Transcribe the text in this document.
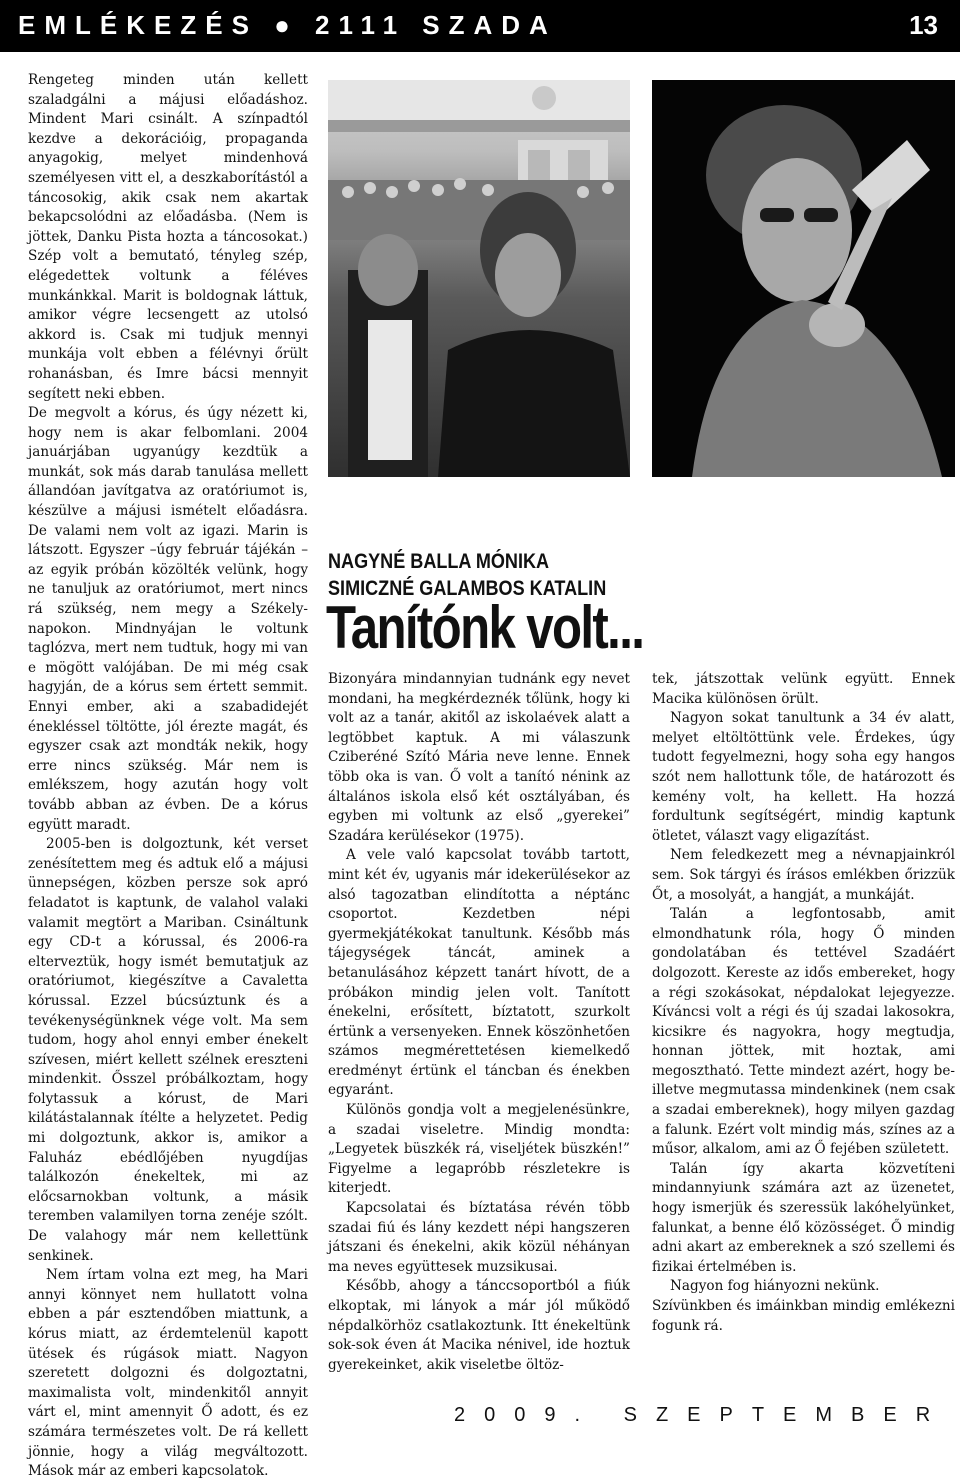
EMLÉKEZÉS ● 2111 SZADA	13

Rengeteg minden után kellett szaladgálni a májusi előadáshoz. Mindent Mari csinált. A színpadtól kezdve a dekorációig, propaganda anyagokig, melyet mindenhová személyesen vitt el, a deszkaborítástól a táncosokig, akik csak nem akartak bekapcsolódni az előadásba. (Nem is jöttek, Danku Pista hozta a táncosokat.) Szép volt a bemutató, tényleg szép, elégedettek voltunk a féléves munkánkkal. Marit is boldognak láttuk, amikor végre lecsengett az utolsó akkord is. Csak mi tudjuk mennyi munkája volt ebben a félévnyi őrült rohanásban, és Imre bácsi mennyit segített neki ebben.

De megvolt a kórus, és úgy nézett ki, hogy nem is akar felbomlani. 2004 januárjában ugyanúgy kezdtük a munkát, sok más darab tanulása mellett állandóan javítgatva az oratóriumot is, készülve a májusi ismételt előadásra. De valami nem volt az igazi. Marin is látszott. Egyszer –úgy február tájékán – az egyik próbán közölték velünk, hogy ne tanuljuk az oratóriumot, mert nincs rá szükség, nem megy a Székely-napokon. Mindnyájan le voltunk taglózva, mert nem tudtuk, hogy mi van e mögött valójában. De mi még csak hagyján, de a kórus sem értett semmit. Ennyi ember, aki a szabadidejét énekléssel töltötte, jól érezte magát, és egyszer csak azt mondták nekik, hogy erre nincs szükség. Már nem is emlékszem, hogy azután hogy volt tovább abban az évben. De a kórus együtt maradt.

2005-ben is dolgoztunk, két verset zenésítettem meg és adtuk elő a májusi ünnepségen, közben persze sok apró feladatot is kaptunk, de valahol valaki valamit megtört a Mariban. Csináltunk egy CD-t a kórussal, és 2006-ra elterveztük, hogy ismét bemutatjuk az oratóriumot, kiegészítve a Cavaletta kórussal. Ezzel búcsúztunk és a tevékenységünknek vége volt. Ma sem tudom, hogy ahol ennyi ember énekelt szívesen, miért kellett szélnek ereszteni mindenkit. Ősszel próbálkoztam, hogy folytassuk a kórust, de Mari kilátástalannak ítélte a helyzetet. Pedig mi dolgoztunk, akkor is, amikor a Faluház ebédlőjében nyugdíjas találkozón énekeltek, mi az előcsarnokban voltunk, a másik teremben valamilyen torna zenéje szólt. De valahogy már nem kellettünk senkinek.

Nem írtam volna ezt meg, ha Mari annyi könnyet nem hullatott volna ebben a pár esztendőben miattunk, a kórus miatt, az érdemtelenül kapott ütések és rúgások miatt. Nagyon szeretett dolgozni és dolgoztatni, maximalista volt, mindenkitől annyit várt el, mint amennyit Ő adott, és ez számára természetes volt. De rá kellett jönnie, hogy a világ megváltozott. Mások már az emberi kapcsolatok.

NAGYNÉ BALLA MÓNIKA
SIMICZNÉ GALAMBOS KATALIN
Tanítónk volt...

Bizonyára mindannyian tudnánk egy nevet mondani, ha megkérdeznék tőlünk, hogy ki volt az a tanár, akitől az iskolaévek alatt a legtöbbet kaptuk. A mi válaszunk Cziberéné Szító Mária neve lenne. Ennek több oka is van. Ő volt a tanító nénink az általános iskola első két osztályában, és egyben mi voltunk az első „gyerekei” Szadára kerülésekor (1975).

A vele való kapcsolat tovább tartott, mint két év, ugyanis már idekerülésekor az alsó tagozatban elindította a néptánc csoportot. Kezdetben népi gyermekjátékokat tanultunk. Később más tájegységek táncát, aminek a betanulásához képzett tanárt hívott, de a próbákon mindig jelen volt. Tanított énekelni, erősített, bíztatott, szurkolt értünk a versenyeken. Ennek köszönhetően számos megmérettetésen kiemelkedő eredményt értünk el táncban és énekben egyaránt.

Különös gondja volt a megjelenésünkre, a szadai viseletre. Mindig mondta: „Legyetek büszkék rá, viseljétek büszkén!” Figyelme a legapróbb részletekre is kiterjedt.

Kapcsolatai és bíztatása révén több szadai fiú és lány kezdett népi hangszeren játszani és énekelni, akik közül néhányan ma neves együttesek muzsikusai.

Később, ahogy a tánccsoportból a fiúk elkoptak, mi lányok a már jól működő népdalkörhöz csatlakoztunk. Itt énekeltünk sok-sok éven át Macika nénivel, ide hoztuk gyerekeinket, akik viseletbe öltöz-

tek, játszottak velünk együtt. Ennek Macika különösen örült.

Nagyon sokat tanultunk a 34 év alatt, melyet eltöltöttünk vele. Érdekes, úgy tudott fegyelmezni, hogy soha egy hangos szót nem hallottunk tőle, de határozott és kemény volt, ha kellett. Ha hozzá fordultunk segítségért, mindig kaptunk ötletet, választ vagy eligazítást.

Nem feledkezett meg a névnapjainkról sem. Sok tárgyi és írásos emlékben őrizzük Őt, a mosolyát, a hangját, a munkáját.

Talán a legfontosabb, amit elmondhatunk róla, hogy Ő minden gondolatában és tettével Szadáért dolgozott. Kereste az idős embereket, hogy a régi szokásokat, népdalokat lejegyezze. Kíváncsi volt a régi és új szadai lakosokra, kicsikre és nagyokra, hogy megtudja, honnan jöttek, mit hoztak, ami megosztható. Tette mindezt azért, hogy be- illetve megmutassa mindenkinek (nem csak a szadai embereknek), hogy milyen gazdag a falunk. Ezért volt mindig más, színes az a műsor, alkalom, ami az Ő fejében született.

Talán így akarta közvetíteni mindannyiunk számára azt az üzenetet, hogy ismerjük és szeressük lakóhelyünket, falunkat, a benne élő közösséget. Ő mindig adni akart az embereknek a szó szellemi és fizikai értelmében is.

Nagyon fog hiányozni nekünk.

Szívünkben és imáinkban mindig emlékezni fogunk rá.

2009. SZEPTEMBER
